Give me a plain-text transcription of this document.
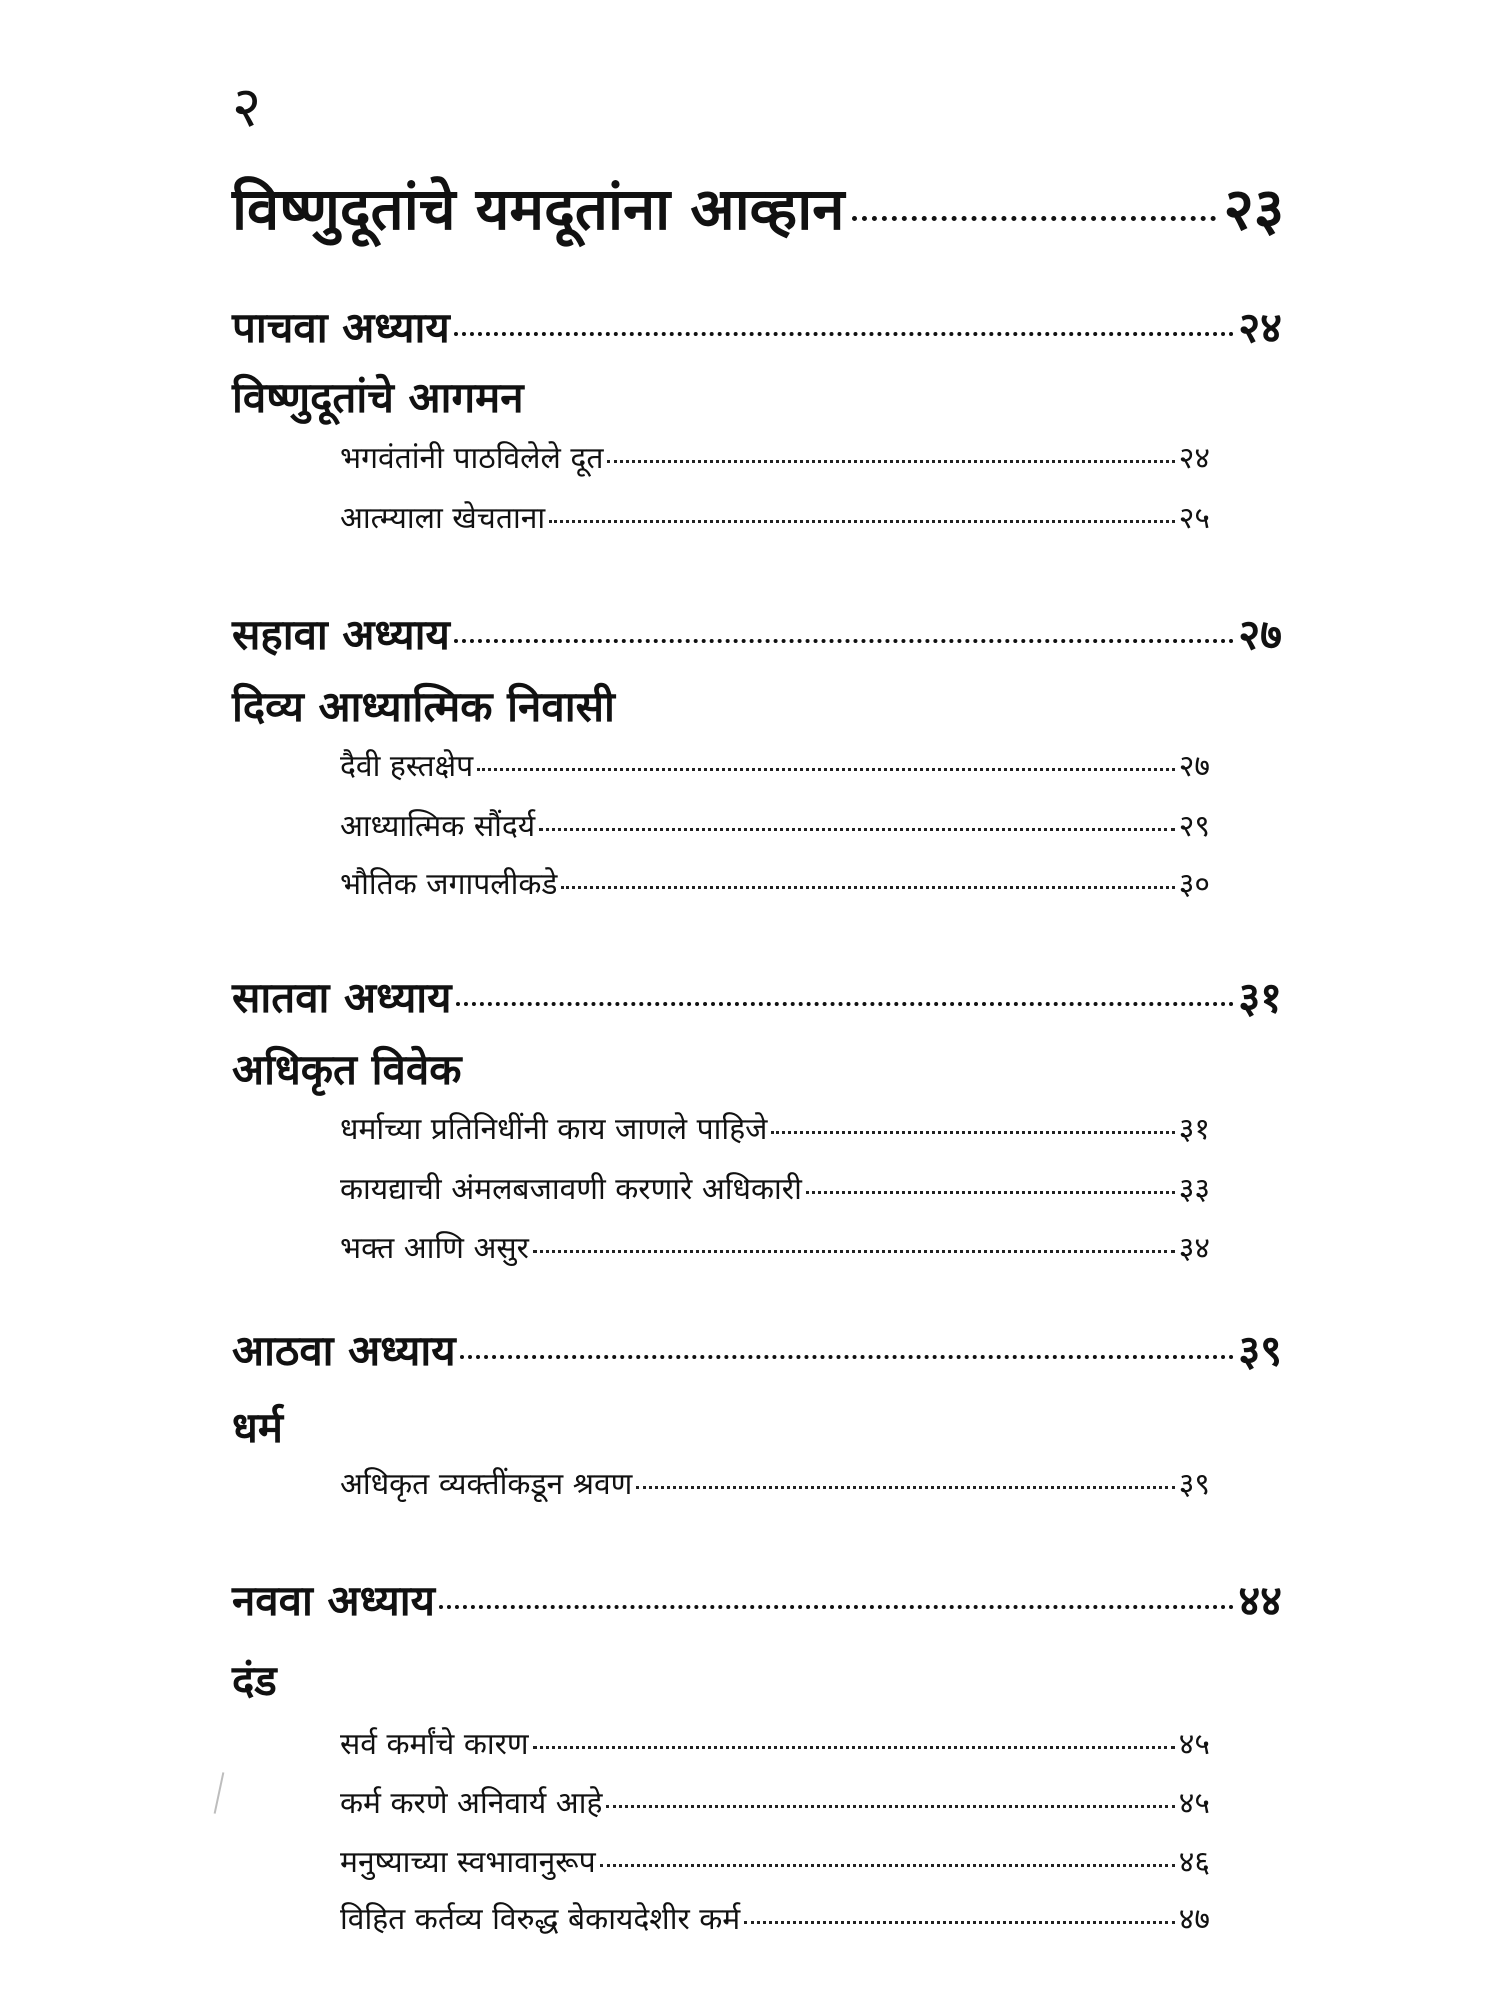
२
विष्णुदूतांचे यमदूतांना आव्हान	२३
पाचवा अध्याय	२४
विष्णुदूतांचे आगमन
भगवंतांनी पाठविलेले दूत	२४
आत्म्याला खेचताना	२५
सहावा अध्याय	२७
दिव्य आध्यात्मिक निवासी
दैवी हस्तक्षेप	२७
आध्यात्मिक सौंदर्य	२९
भौतिक जगापलीकडे	३०
सातवा अध्याय	३१
अधिकृत विवेक
धर्माच्या प्रतिनिधींनी काय जाणले पाहिजे	३१
कायद्याची अंमलबजावणी करणारे अधिकारी	३३
भक्त आणि असुर	३४
आठवा अध्याय	३९
धर्म
अधिकृत व्यक्तींकडून श्रवण	३९
नववा अध्याय	४४
दंड
सर्व कर्मांचे कारण	४५
कर्म करणे अनिवार्य आहे	४५
मनुष्याच्या स्वभावानुरूप	४६
विहित कर्तव्य विरुद्ध बेकायदेशीर कर्म	४७
